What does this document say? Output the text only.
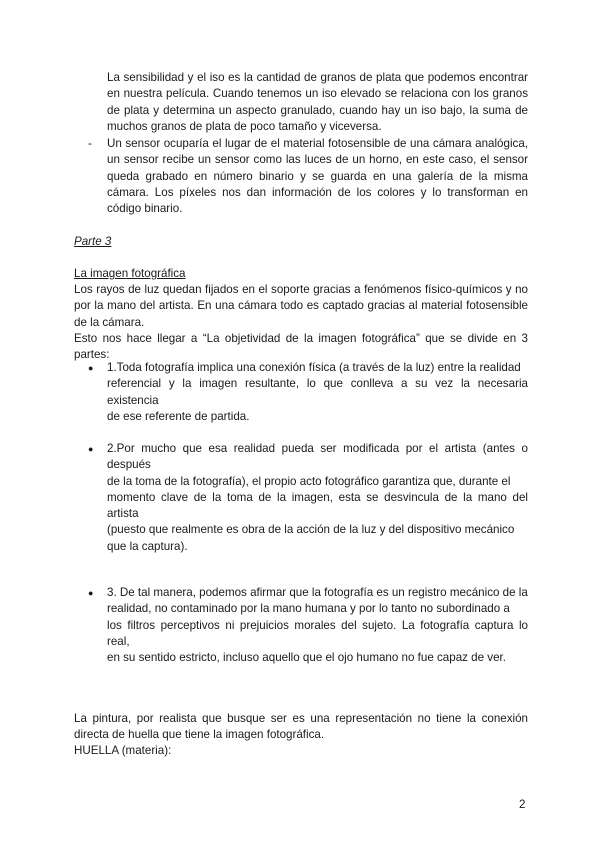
La sensibilidad y el iso es la cantidad de granos de plata que podemos encontrar en nuestra película. Cuando tenemos un iso elevado se relaciona con los granos de plata y determina un aspecto granulado, cuando hay un iso bajo, la suma de muchos granos de plata de poco tamaño y viceversa.

- Un sensor ocuparía el lugar de el material fotosensible de una cámara analógica, un sensor recibe un sensor como las luces de un horno, en este caso, el sensor queda grabado en número binario y se guarda en una galería de la misma cámara. Los píxeles nos dan información de los colores y lo transforman en código binario.

Parte 3

La imagen fotográfica

Los rayos de luz quedan fijados en el soporte gracias a fenómenos físico-químicos y no por la mano del artista. En una cámara todo es captado gracias al material fotosensible de la cámara.

Esto nos hace llegar a “La objetividad de la imagen fotográfica” que se divide en 3 partes:

● 1.Toda fotografía implica una conexión física (a través de la luz) entre la realidad

referencial y la imagen resultante, lo que conlleva a su vez la necesaria existencia

de ese referente de partida.

● 2.Por mucho que esa realidad pueda ser modificada por el artista (antes o después

de la toma de la fotografía), el propio acto fotográfico garantiza que, durante el

momento clave de la toma de la imagen, esta se desvincula de la mano del artista

(puesto que realmente es obra de la acción de la luz y del dispositivo mecánico

que la captura).

● 3. De tal manera, podemos afirmar que la fotografía es un registro mecánico de la

realidad, no contaminado por la mano humana y por lo tanto no subordinado a

los filtros perceptivos ni prejuicios morales del sujeto. La fotografía captura lo real,

en su sentido estricto, incluso aquello que el ojo humano no fue capaz de ver.

La pintura, por realista que busque ser es una representación no tiene la conexión directa de huella que tiene la imagen fotográfica.

HUELLA (materia):

2
